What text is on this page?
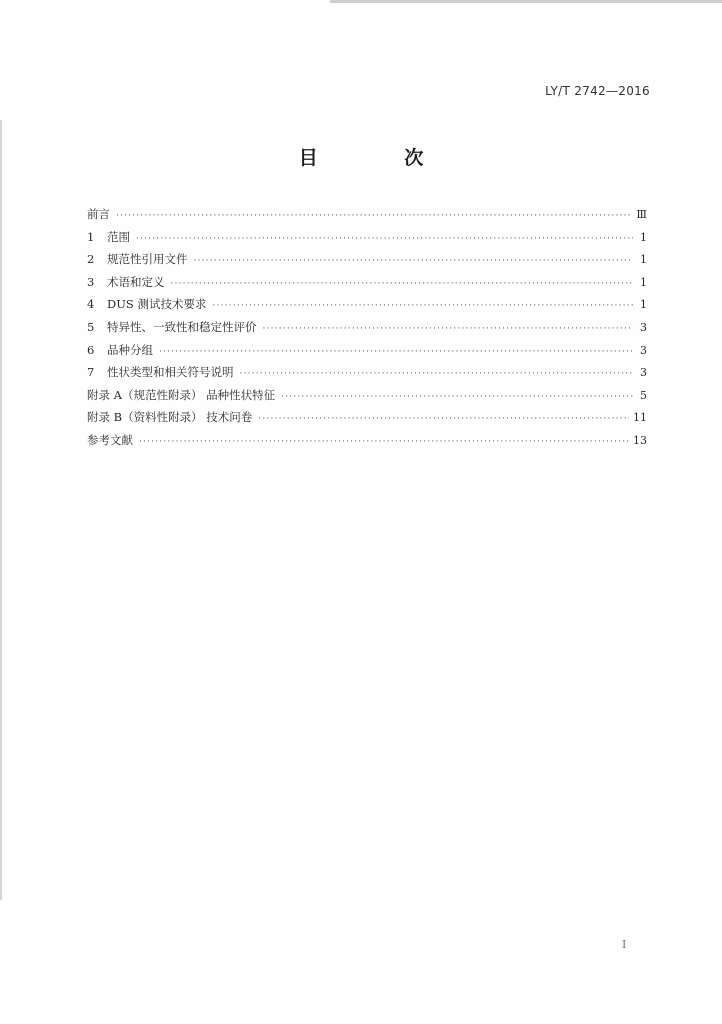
LY/T 2742—2016
目 次
前言 ·····	Ⅲ
1	范围 ·····	1
2	规范性引用文件 ·····	1
3	术语和定义 ·····	1
4	DUS 测试技术要求 ·····	1
5	特异性、一致性和稳定性评价 ·····	3
6	品种分组 ·····	3
7	性状类型和相关符号说明 ·····	3
附录 A（规范性附录） 品种性状特征 ·····	5
附录 B（资料性附录） 技术问卷 ·····	11
参考文献 ·····	13
I
